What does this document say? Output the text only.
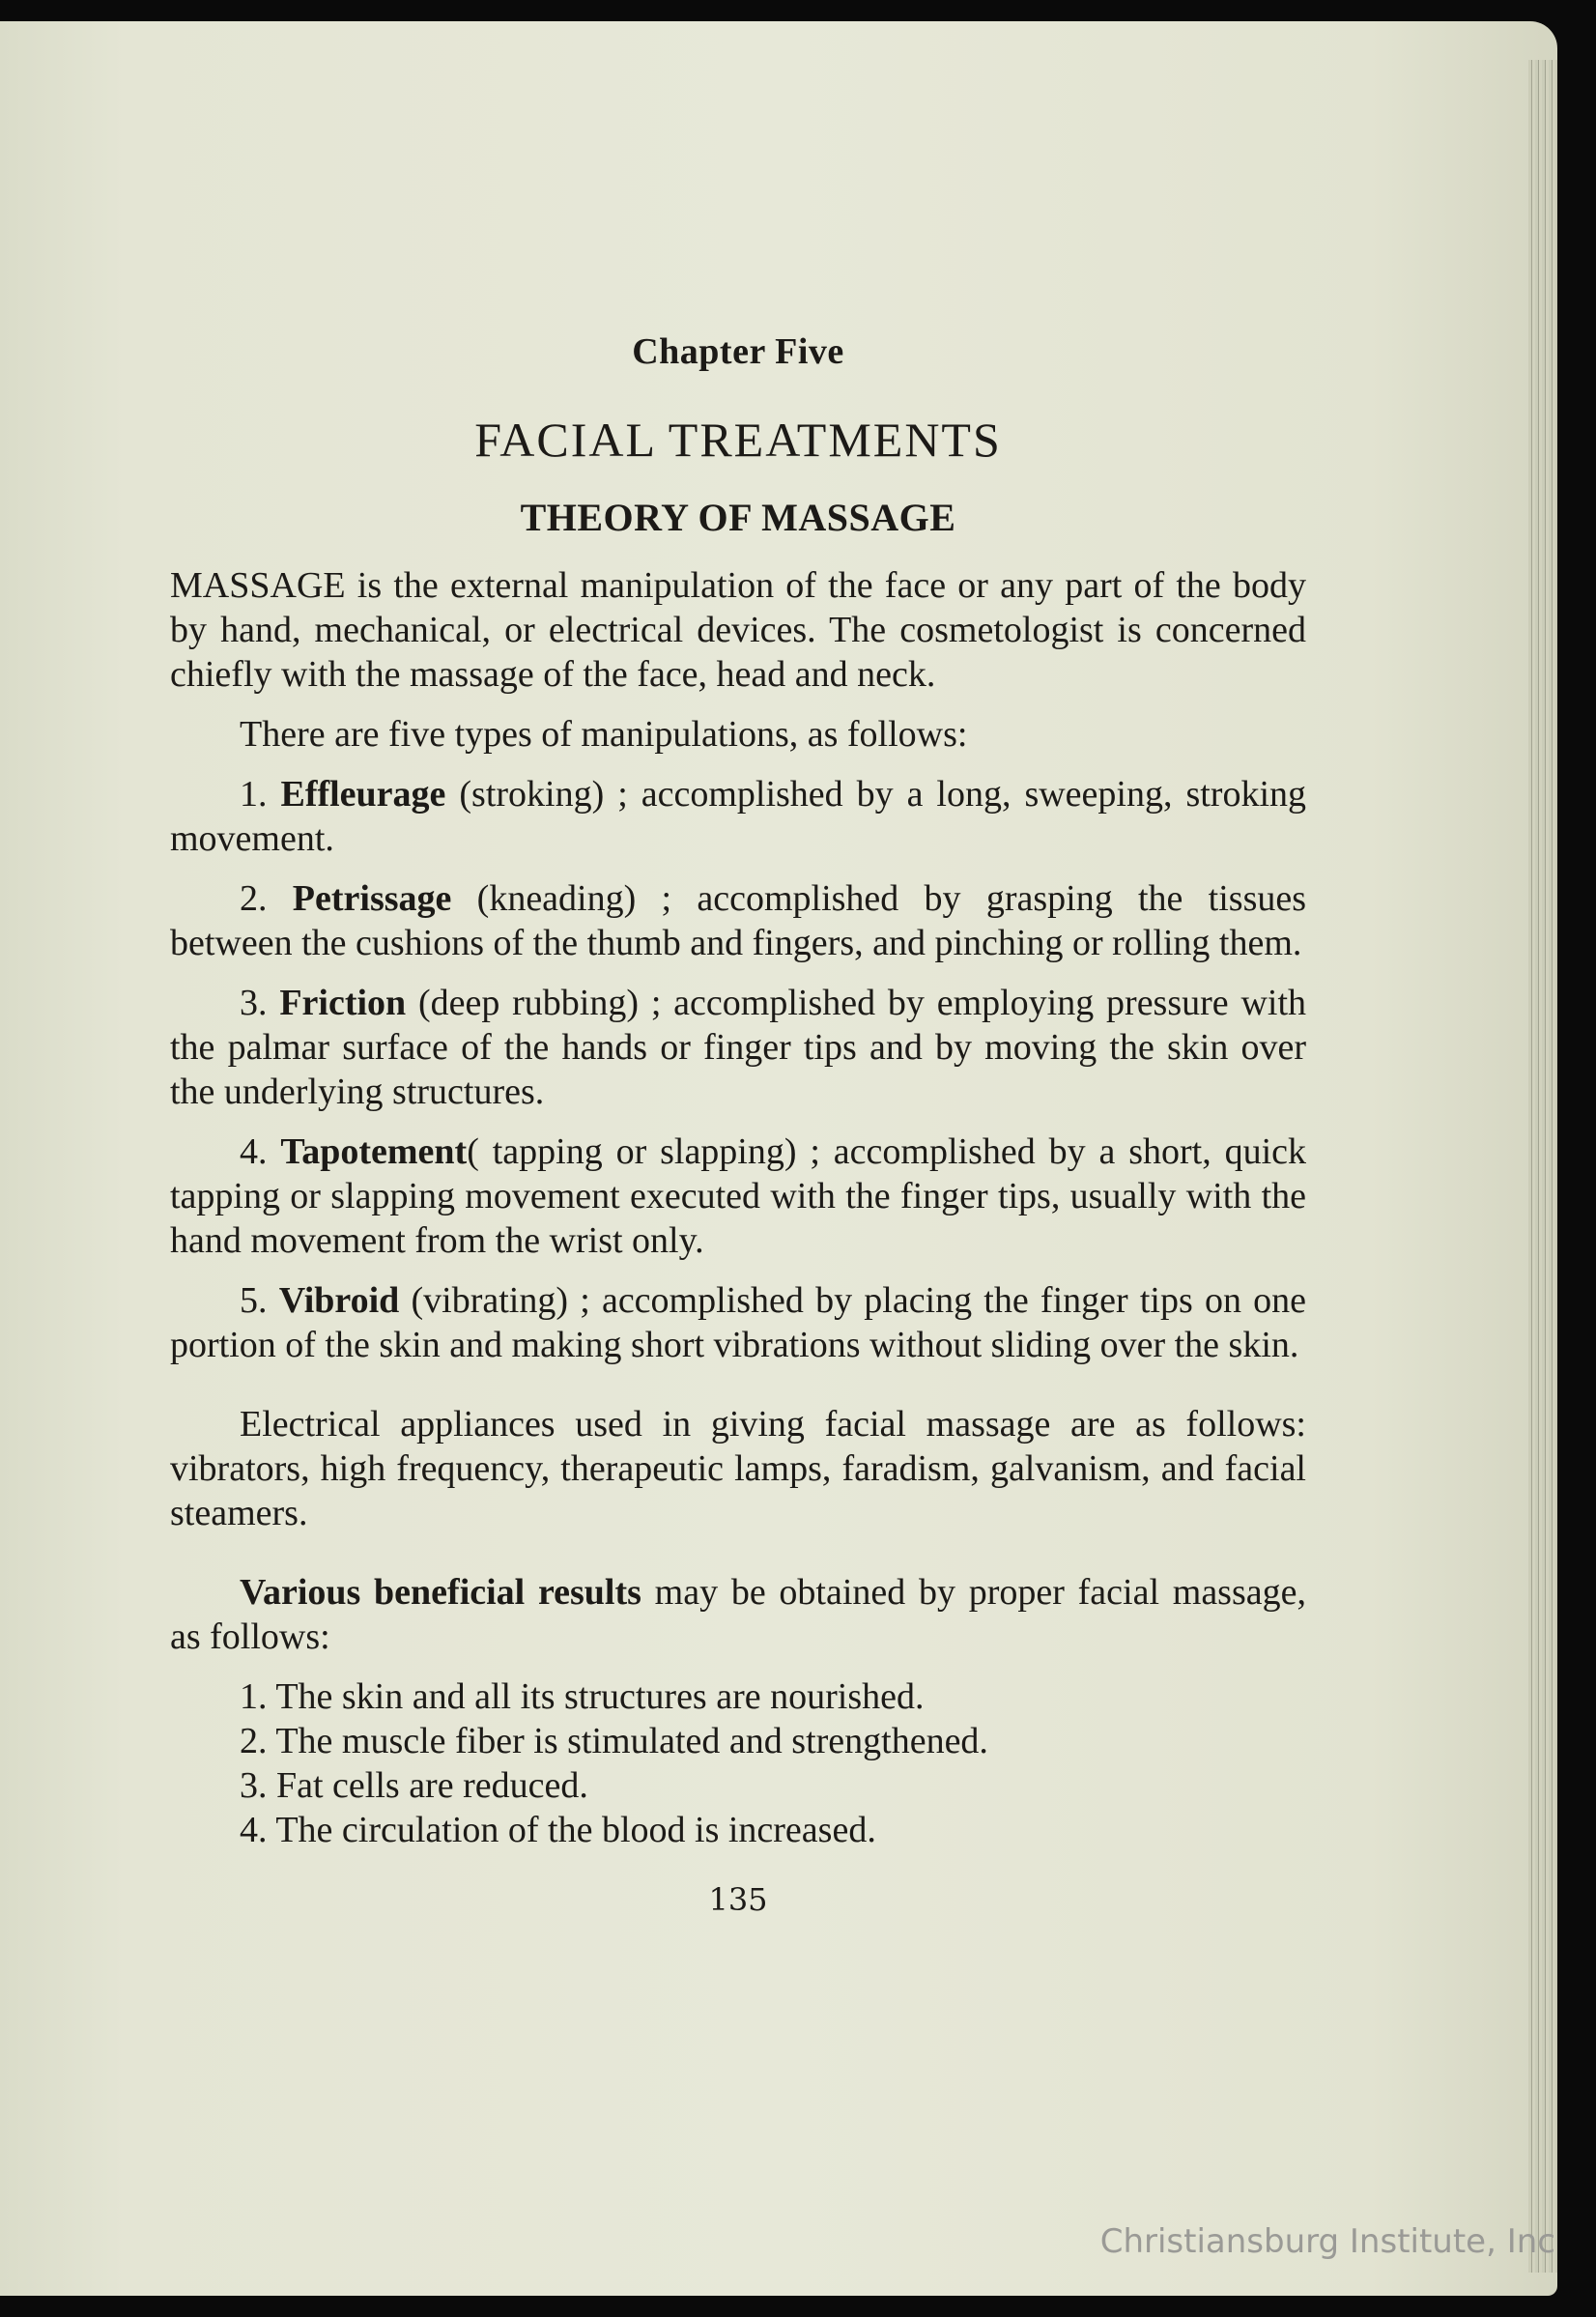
Chapter Five
FACIAL TREATMENTS
THEORY OF MASSAGE

MASSAGE is the external manipulation of the face or any part of the body by hand, mechanical, or electrical devices. The cosmetologist is concerned chiefly with the massage of the face, head and neck.

There are five types of manipulations, as follows:

1. Effleurage (stroking) ; accomplished by a long, sweeping, stroking movement.

2. Petrissage (kneading) ; accomplished by grasping the tissues between the cushions of the thumb and fingers, and pinching or rolling them.

3. Friction (deep rubbing) ; accomplished by employing pressure with the palmar surface of the hands or finger tips and by moving the skin over the underlying structures.

4. Tapotement( tapping or slapping) ; accomplished by a short, quick tapping or slapping movement executed with the finger tips, usually with the hand movement from the wrist only.

5. Vibroid (vibrating) ; accomplished by placing the finger tips on one portion of the skin and making short vibrations without sliding over the skin.

Electrical appliances used in giving facial massage are as follows: vibrators, high frequency, therapeutic lamps, faradism, galvanism, and facial steamers.

Various beneficial results may be obtained by proper facial massage, as follows:

1. The skin and all its structures are nourished.
2. The muscle fiber is stimulated and strengthened.
3. Fat cells are reduced.
4. The circulation of the blood is increased.
135
Christiansburg Institute, Inc
